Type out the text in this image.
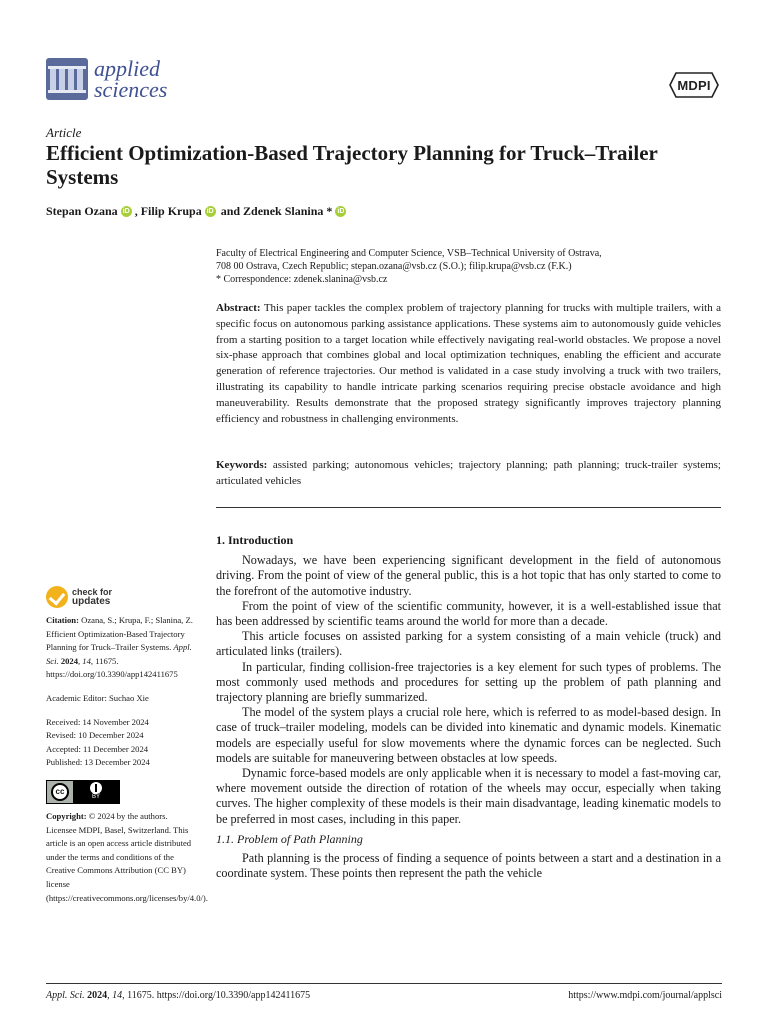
applied
sciences	MDPI
Article
Efficient Optimization-Based Trajectory Planning for Truck–Trailer Systems
Stepan Ozana iD , Filip Krupa iD and Zdenek Slanina * iD
Faculty of Electrical Engineering and Computer Science, VSB–Technical University of Ostrava,
708 00 Ostrava, Czech Republic; stepan.ozana@vsb.cz (S.O.); filip.krupa@vsb.cz (F.K.)
* Correspondence: zdenek.slanina@vsb.cz
Abstract: This paper tackles the complex problem of trajectory planning for trucks with multiple trailers, with a specific focus on autonomous parking assistance applications. These systems aim to autonomously guide vehicles from a starting position to a target location while effectively navigating real-world obstacles. We propose a novel six-phase approach that combines global and local optimization techniques, enabling the efficient and accurate generation of reference trajectories. Our method is validated in a case study involving a truck with two trailers, illustrating its capability to handle intricate parking scenarios requiring precise obstacle avoidance and high maneuverability. Results demonstrate that the proposed strategy significantly improves trajectory planning efficiency and robustness in challenging environments.
Keywords: assisted parking; autonomous vehicles; trajectory planning; path planning; truck-trailer systems; articulated vehicles
1. Introduction

Nowadays, we have been experiencing significant development in the field of autonomous driving. From the point of view of the general public, this is a hot topic that has only started to come to the forefront of the automotive industry.

From the point of view of the scientific community, however, it is a well-established issue that has been addressed by scientific teams around the world for more than a decade.

This article focuses on assisted parking for a system consisting of a main vehicle (truck) and articulated links (trailers).

In particular, finding collision-free trajectories is a key element for such types of problems. The most commonly used methods and procedures for setting up the problem of path planning and trajectory planning are briefly summarized.

The model of the system plays a crucial role here, which is referred to as model-based design. In case of truck–trailer modeling, models can be divided into kinematic and dynamic models. Kinematic models are especially useful for slow movements where the dynamic forces can be neglected. Such models are suitable for maneuvering between obstacles at low speeds.

Dynamic force-based models are only applicable when it is necessary to model a fast-moving car, where movement outside the direction of rotation of the wheels may occur, especially when taking curves. The higher complexity of these models is their main disadvantage, leading kinematic models to be preferred in most cases, including in this paper.

1.1. Problem of Path Planning

Path planning is the process of finding a sequence of points between a start and a destination in a coordinate system. These points then represent the path the vehicle

check for
updates

Citation: Ozana, S.; Krupa, F.; Slanina, Z. Efficient Optimization-Based Trajectory Planning for Truck–Trailer Systems. Appl. Sci. 2024, 14, 11675. https://doi.org/10.3390/app142411675

Academic Editor: Suchao Xie

Received: 14 November 2024

Revised: 10 December 2024

Accepted: 11 December 2024

Published: 13 December 2024

cc
BY

Copyright: © 2024 by the authors. Licensee MDPI, Basel, Switzerland. This article is an open access article distributed under the terms and conditions of the Creative Commons Attribution (CC BY) license (https://creativecommons.org/licenses/by/4.0/).

Appl. Sci. 2024, 14, 11675. https://doi.org/10.3390/app142411675	https://www.mdpi.com/journal/applsci
